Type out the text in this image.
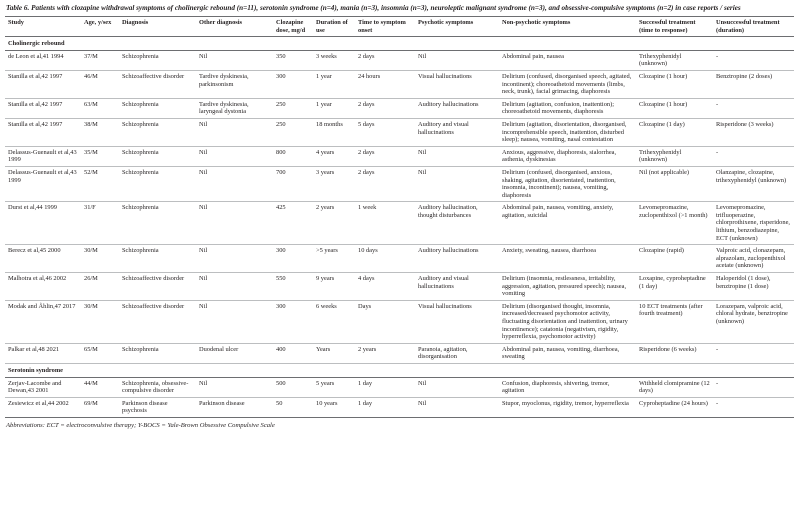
Table 6. Patients with clozapine withdrawal symptoms of cholinergic rebound (n=11), serotonin syndrome (n=4), mania (n=3), insomnia (n=3), neuroleptic malignant syndrome (n=3), and obsessive-compulsive symptoms (n=2) in case reports / series
Study	Age, y/sex	Diagnosis	Other diagnosis	Clozapine dose, mg/d	Duration of use	Time to symptom onset	Psychotic symptoms	Non-psychotic symptoms	Successful treatment (time to response)	Unsuccessful treatment (duration)
Cholinergic rebound										
de Leon et al,41 1994	37/M	Schizophrenia	Nil	350	3 weeks	2 days	Nil	Abdominal pain, nausea	Trihexyphenidyl (unknown)	-
Stanilla et al,42 1997	46/M	Schizoaffective disorder	Tardive dyskinesia, parkinsonism	300	1 year	24 hours	Visual hallucinations	Delirium (confused, disorganised speech, agitated, incontinent); choreoathetoid movements (limbs, neck, trunk), facial grimacing, diaphoresis	Clozapine (1 hour)	Benztropine (2 doses)
Stanilla et al,42 1997	63/M	Schizophrenia	Tardive dyskinesia, laryngeal dystonia	250	1 year	2 days	Auditory hallucinations	Delirium (agitation, confusion, inattention); choreoathetoid movements, diaphoresis	Clozapine (1 hour)	-
Stanilla et al,42 1997	38/M	Schizophrenia	Nil	250	18 months	5 days	Auditory and visual hallucinations	Delirium (agitation, disorientation, disorganised, incomprehensible speech, inattention, disturbed sleep); nausea, vomiting, nasal contestation	Clozapine (1 day)	Risperidone (3 weeks)
Delassus-Guenault et al,43 1999	35/M	Schizophrenia	Nil	800	4 years	2 days	Nil	Anxious, aggressive, diaphoresis, sialorrhea, asthenia, dyskinesias	Trihexyphenidyl (unknown)	-
Delassus-Guenault et al,43 1999	52/M	Schizophrenia	Nil	700	3 years	2 days	Nil	Delirium (confused, disorganised, anxious, shaking, agitation, disorientated, inattention, insomnia, incontinent); nausea, vomiting, diaphoresis	Nil (not applicable)	Olanzapine, clozapine, trihexyphenidyl (unknown)
Durst et al,44 1999	31/F	Schizophrenia	Nil	425	2 years	1 week	Auditory hallucination, thought disturbances	Abdominal pain, nausea, vomiting, anxiety, agitation, suicidal	Levomepromazine, zuclopenthixol (>1 month)	Levomepromazine, trifluoperazine, chlorprothixene, risperidone, lithium, benzodiazepine, ECT (unknown)
Berecz et al,45 2000	30/M	Schizophrenia	Nil	300	>5 years	10 days	Auditory hallucinations	Anxiety, sweating, nausea, diarrhoea	Clozapine (rapid)	Valproic acid, clonazepam, alprazolam, zuclopenthixol acetate (unknown)
Malhotra et al,46 2002	26/M	Schizoaffective disorder	Nil	550	9 years	4 days	Auditory and visual hallucinations	Delirium (insomnia, restlessness, irritability, aggression, agitation, pressured speech); nausea, vomiting	Loxapine, cyproheptadine (1 day)	Haloperidol (1 dose), benztropine (1 dose)
Modak and Åhlin,47 2017	30/M	Schizoaffective disorder	Nil	300	6 weeks	Days	Visual hallucinations	Delirium (disorganised thought, insomnia, increased/decreased psychomotor activity, fluctuating disorientation and inattention, urinary incontinence); catatonia (negativism, rigidity, hyperreflexia, psychomotor activity)	10 ECT treatments (after fourth treatment)	Lorazepam, valproic acid, chloral hydrate, benztropine (unknown)
Palkar et al,48 2021	65/M	Schizophrenia	Duodenal ulcer	400	Years	2 years	Paranoia, agitation, disorganisation	Abdominal pain, nausea, vomiting, diarrhoea, sweating	Risperidone (6 weeks)	-
Serotonin syndrome										
Zerjav-Lacombe and Dewan,43 2001	44/M	Schizophrenia, obsessive-compulsive disorder	Nil	500	5 years	1 day	Nil	Confusion, diaphoresis, shivering, tremor, agitation	Withheld clomipramine (12 days)	-
Zesiewicz et al,44 2002	69/M	Parkinson disease psychosis	Parkinson disease	50	10 years	1 day	Nil	Stupor, myoclonus, rigidity, tremor, hyperreflexia	Cyproheptadine (24 hours)	-
Abbreviations: ECT = electroconvulsive therapy; Y-BOCS = Yale-Brown Obsessive Compulsive Scale
